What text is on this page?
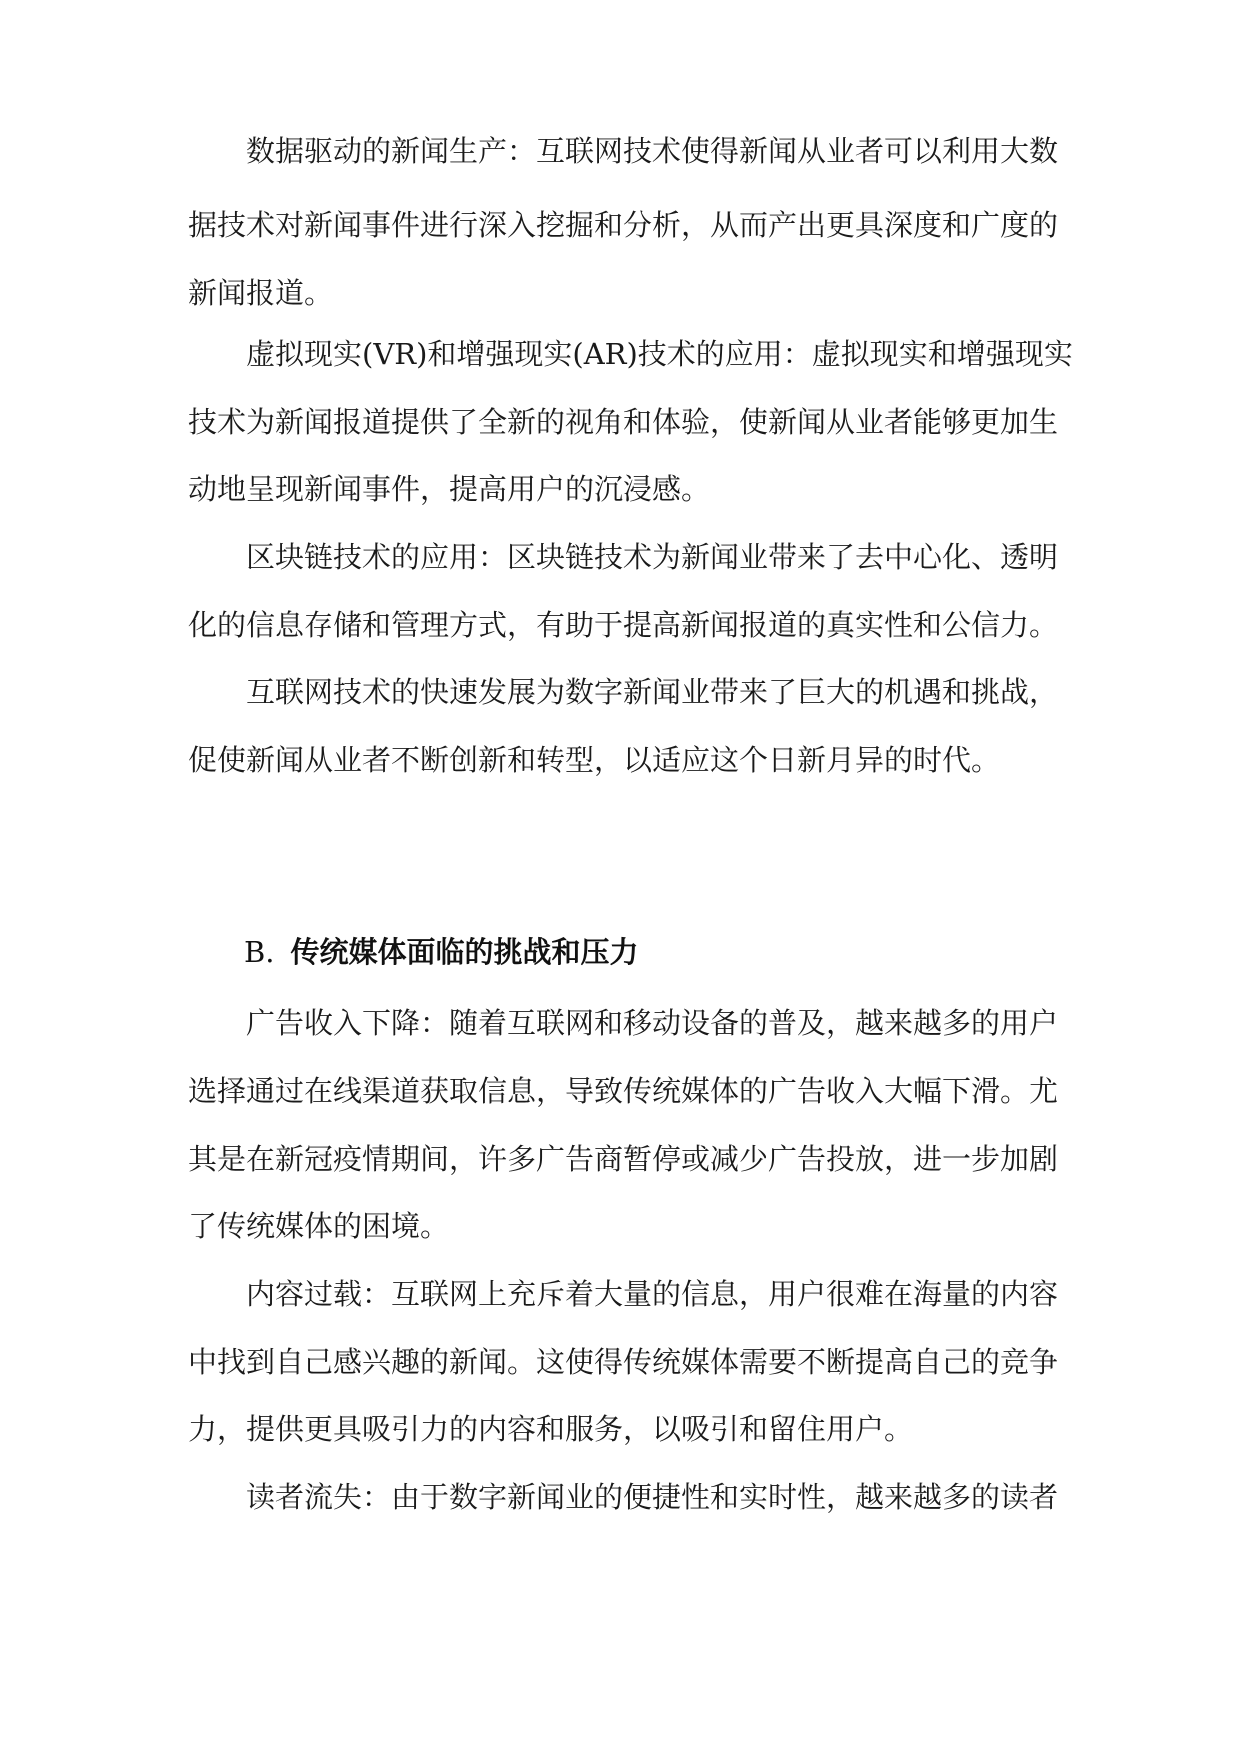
数据驱动的新闻生产：互联网技术使得新闻从业者可以利用大数
据技术对新闻事件进行深入挖掘和分析，从而产出更具深度和广度的
新闻报道。
虚拟现实(VR)和增强现实(AR)技术的应用：虚拟现实和增强现实
技术为新闻报道提供了全新的视角和体验，使新闻从业者能够更加生
动地呈现新闻事件，提高用户的沉浸感。
区块链技术的应用：区块链技术为新闻业带来了去中心化、透明
化的信息存储和管理方式，有助于提高新闻报道的真实性和公信力。
互联网技术的快速发展为数字新闻业带来了巨大的机遇和挑战，
促使新闻从业者不断创新和转型，以适应这个日新月异的时代。
B. 传统媒体面临的挑战和压力
广告收入下降：随着互联网和移动设备的普及，越来越多的用户
选择通过在线渠道获取信息，导致传统媒体的广告收入大幅下滑。尤
其是在新冠疫情期间，许多广告商暂停或减少广告投放，进一步加剧
了传统媒体的困境。
内容过载：互联网上充斥着大量的信息，用户很难在海量的内容
中找到自己感兴趣的新闻。这使得传统媒体需要不断提高自己的竞争
力，提供更具吸引力的内容和服务，以吸引和留住用户。
读者流失：由于数字新闻业的便捷性和实时性，越来越多的读者
